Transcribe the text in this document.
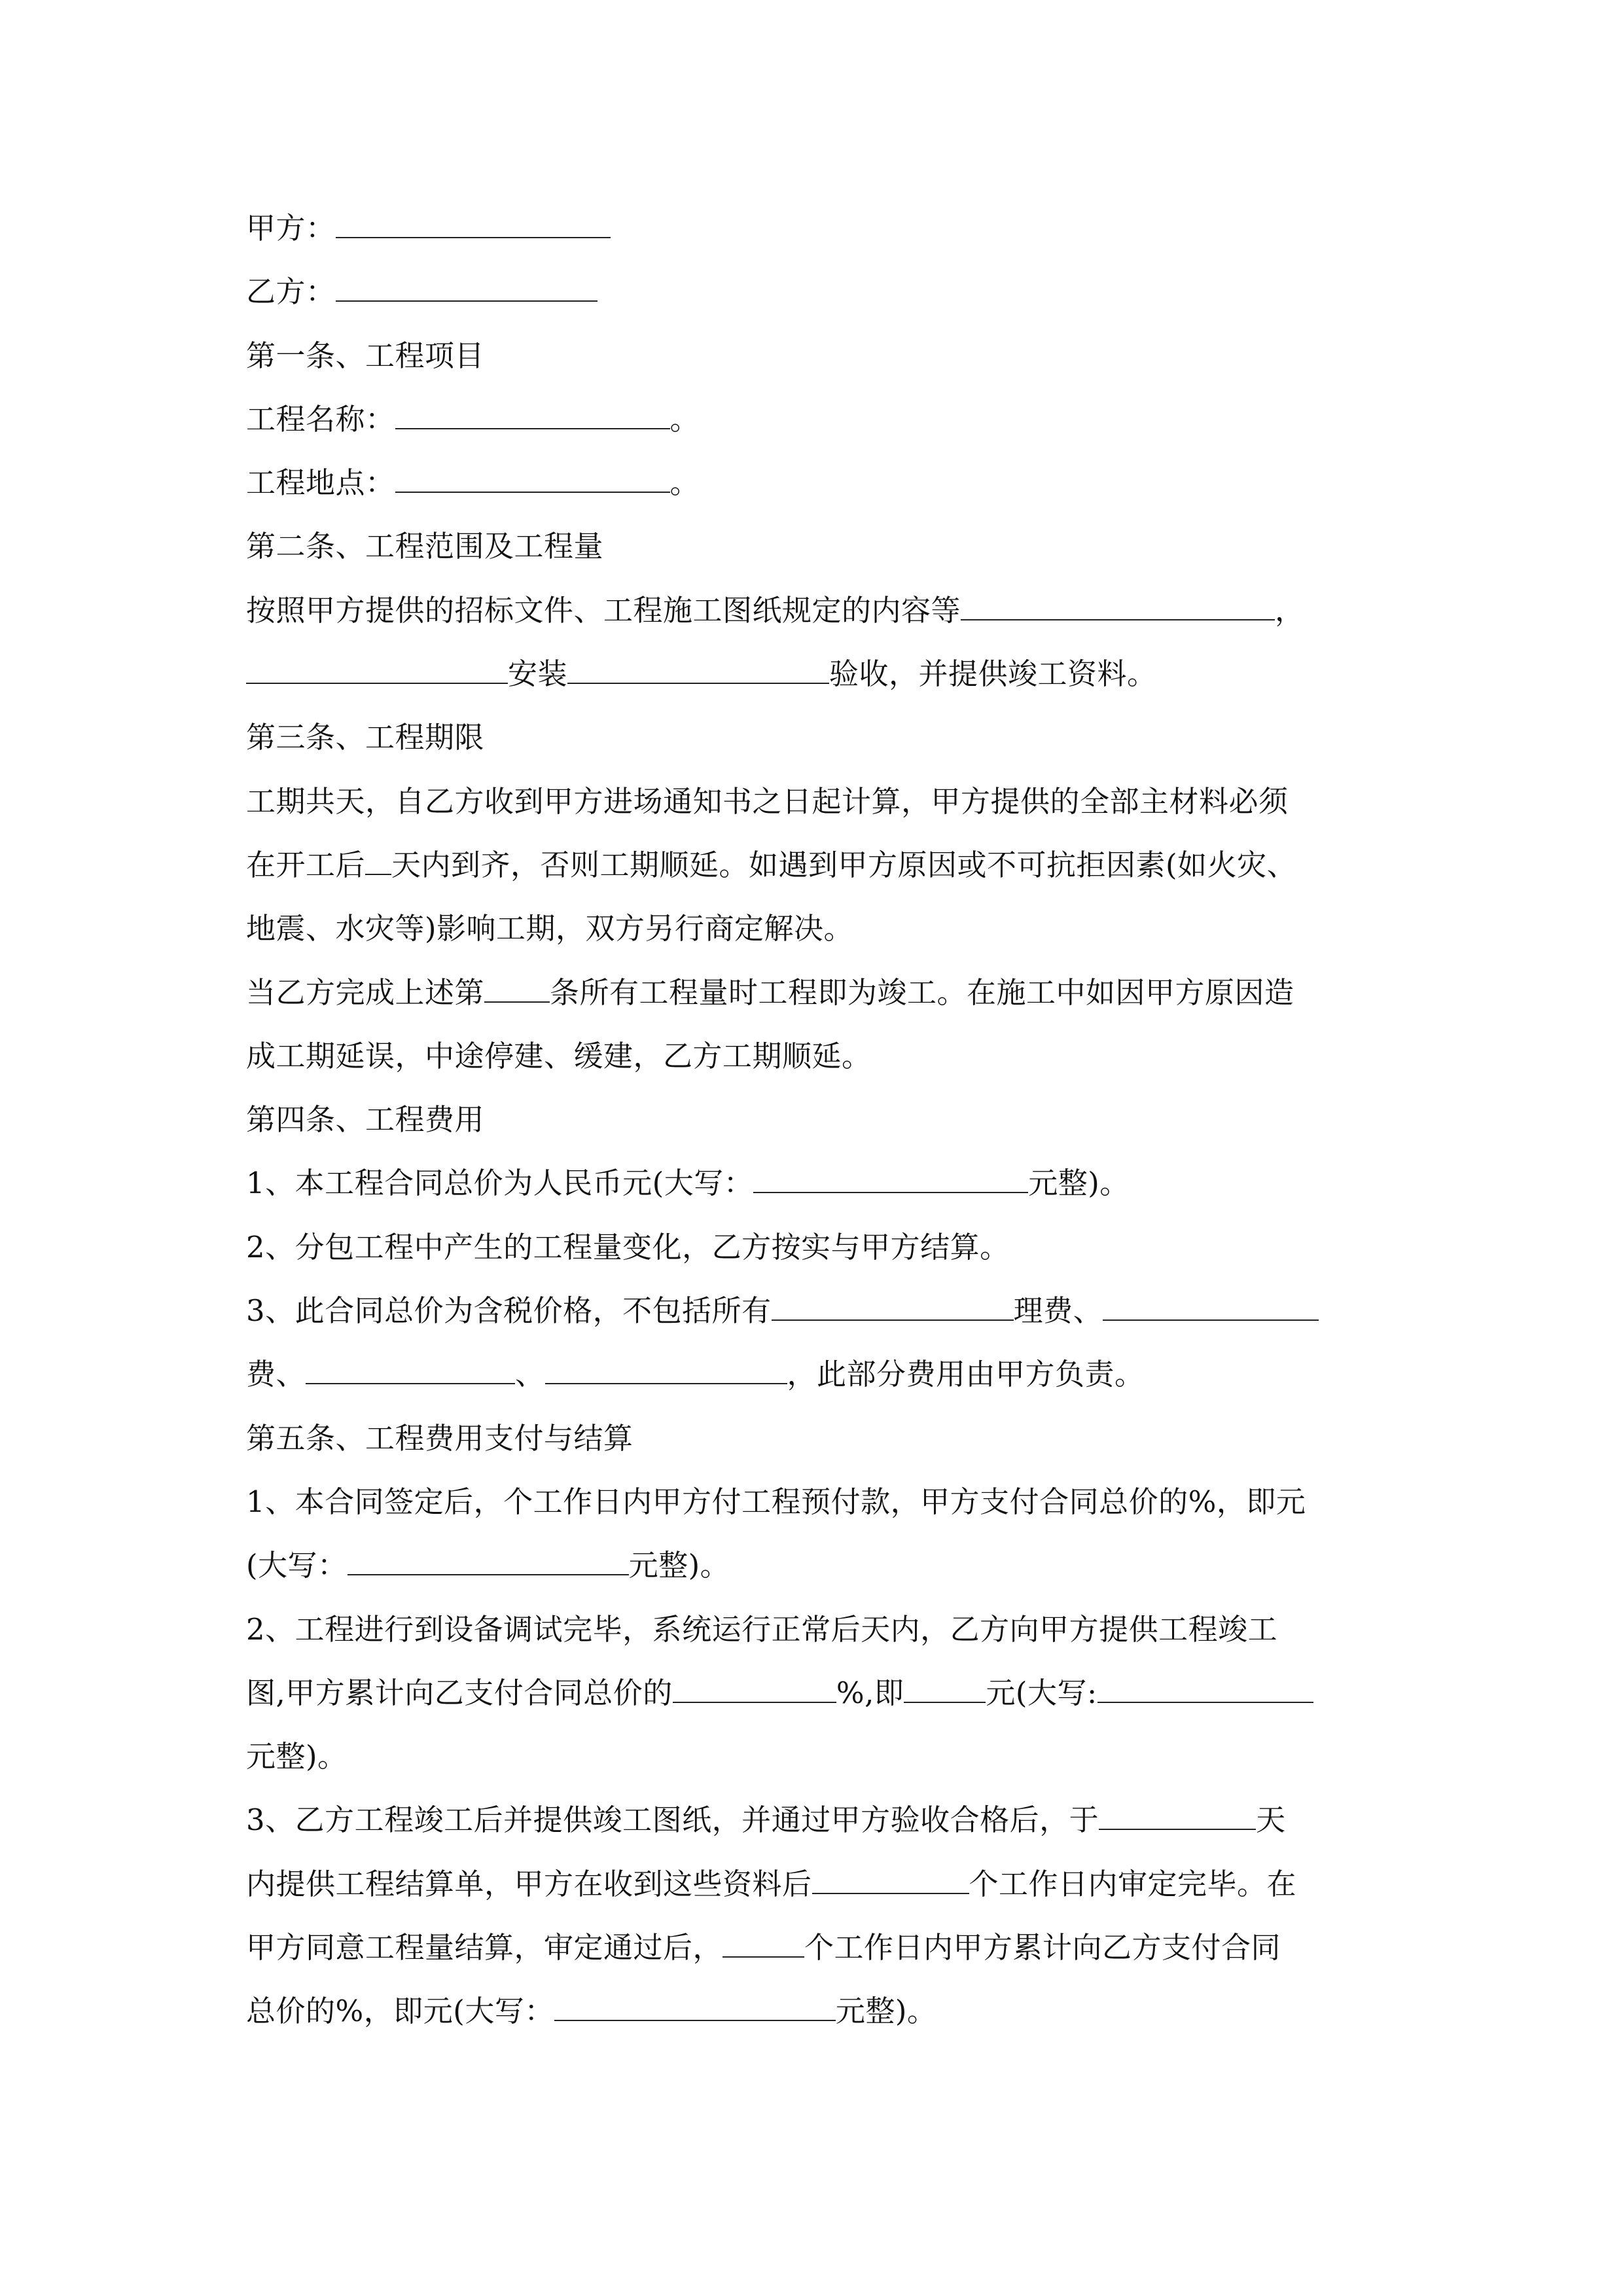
甲方：
乙方：
第一条、工程项目
工程名称：	。
工程地点：	。
第二条、工程范围及工程量
按照甲方提供的招标文件、工程施工图纸规定的内容等	，
安装	验收，并提供竣工资料。
第三条、工程期限
工期共天，自乙方收到甲方进场通知书之日起计算，甲方提供的全部主材料必须
在开工后 天内到齐，否则工期顺延。如遇到甲方原因或不可抗拒因素(如火灾、
地震、水灾等)影响工期，双方另行商定解决。
当乙方完成上述第 条所有工程量时工程即为竣工。在施工中如因甲方原因造
成工期延误，中途停建、缓建，乙方工期顺延。
第四条、工程费用
1、本工程合同总价为人民币元(大写：	元整)。
2、分包工程中产生的工程量变化，乙方按实与甲方结算。
3、此合同总价为含税价格，不包括所有	理费、
费、	、	，此部分费用由甲方负责。
第五条、工程费用支付与结算
1、本合同签定后，个工作日内甲方付工程预付款，甲方支付合同总价的%，即元
(大写：	元整)。
2、工程进行到设备调试完毕，系统运行正常后天内，乙方向甲方提供工程竣工
图,甲方累计向乙支付合同总价的	%,即	元(大写:
元整)。
3、乙方工程竣工后并提供竣工图纸，并通过甲方验收合格后，于	天
内提供工程结算单，甲方在收到这些资料后	个工作日内审定完毕。在
甲方同意工程量结算，审定通过后，	个工作日内甲方累计向乙方支付合同
总价的%，即元(大写：	元整)。
